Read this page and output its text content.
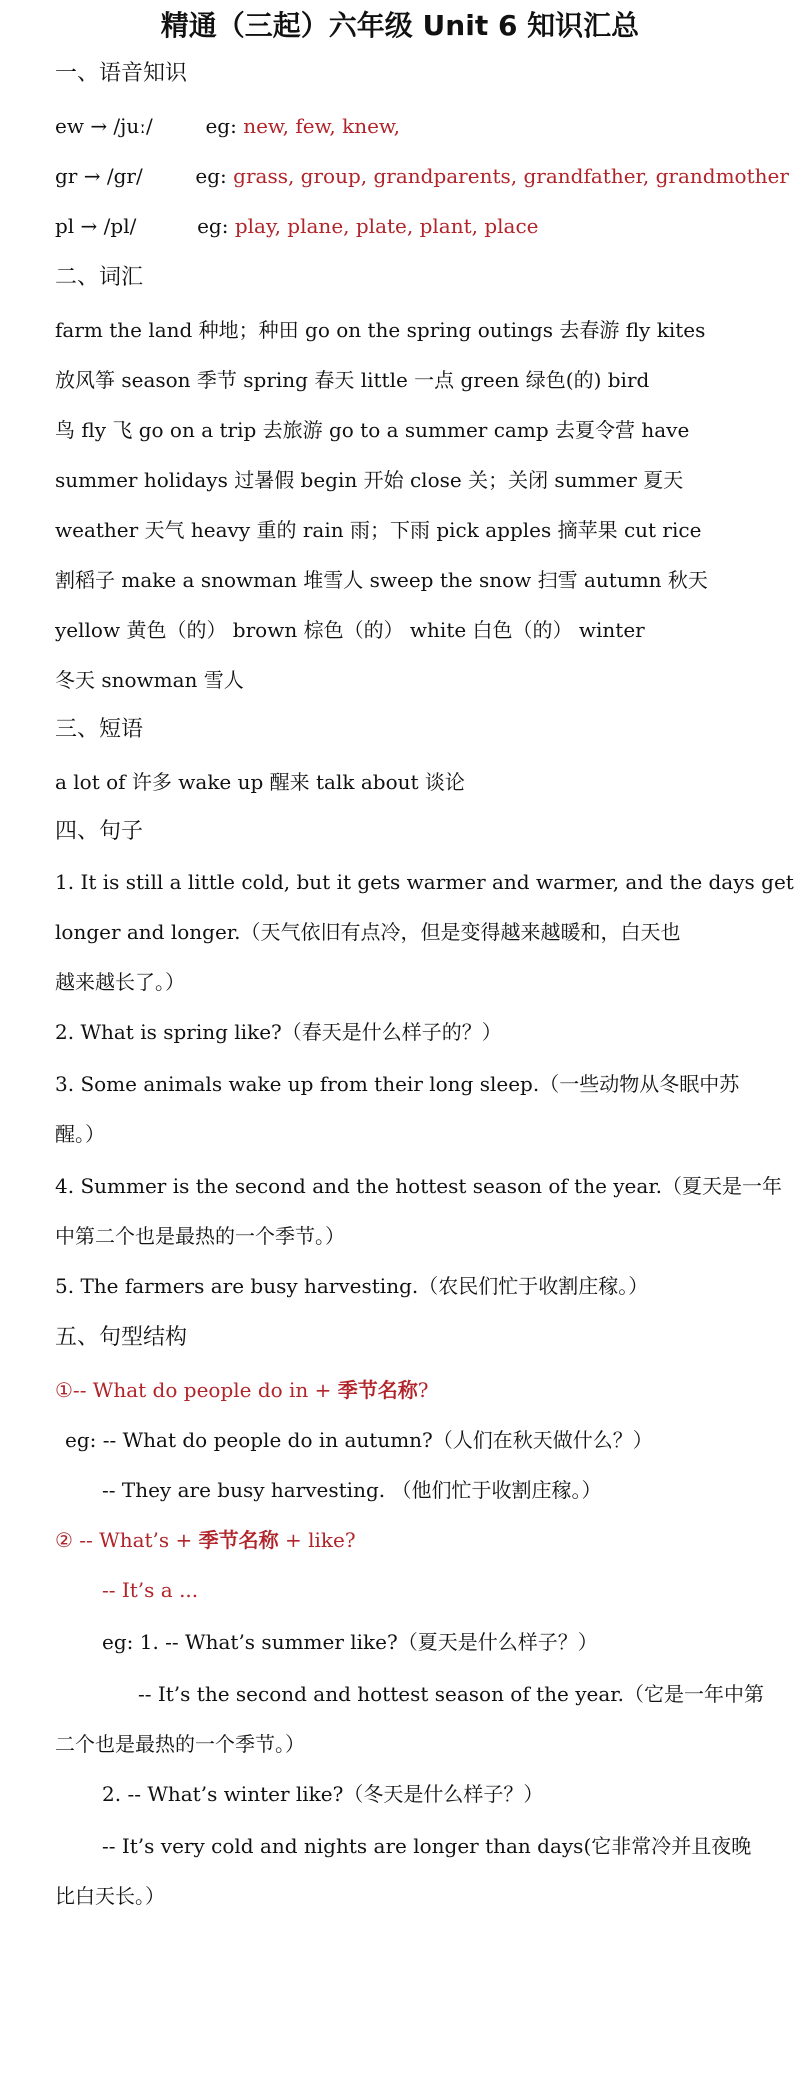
精通（三起）六年级 Unit 6 知识汇总
一、语音知识
ew → /juː/	eg: new, few, knew,
gr → /gr/	eg: grass, group, grandparents, grandfather, grandmother
pl → /pl/	eg: play, plane, plate, plant, place
二、词汇
farm the land 种地；种田 go on the spring outings 去春游 fly kites
放风筝 season 季节 spring 春天 little 一点 green 绿色(的) bird
鸟 fly 飞 go on a trip 去旅游 go to a summer camp 去夏令营 have
summer holidays 过暑假 begin 开始 close 关；关闭 summer 夏天
weather 天气 heavy 重的 rain 雨；下雨 pick apples 摘苹果 cut rice
割稻子 make a snowman 堆雪人 sweep the snow 扫雪 autumn 秋天
yellow 黄色（的） brown 棕色（的） white 白色（的） winter
冬天 snowman 雪人
三、短语
a lot of 许多 wake up 醒来 talk about 谈论
四、句子
1. It is still a little cold, but it gets warmer and warmer, and the days get
longer and longer.（天气依旧有点冷，但是变得越来越暖和，白天也
越来越长了。）
2. What is spring like?（春天是什么样子的？）
3. Some animals wake up from their long sleep.（一些动物从冬眠中苏
醒。）
4. Summer is the second and the hottest season of the year.（夏天是一年
中第二个也是最热的一个季节。）
5. The farmers are busy harvesting.（农民们忙于收割庄稼。）
五、句型结构
①-- What do people do in + 季节名称?
eg: -- What do people do in autumn?（人们在秋天做什么？）
-- They are busy harvesting. （他们忙于收割庄稼。）
② -- What’s + 季节名称 + like?
-- It’s a ...
eg: 1. -- What’s summer like?（夏天是什么样子？）
-- It’s the second and hottest season of the year.（它是一年中第
二个也是最热的一个季节。）
2. -- What’s winter like?（冬天是什么样子？）
-- It’s very cold and nights are longer than days(它非常冷并且夜晚
比白天长。）
